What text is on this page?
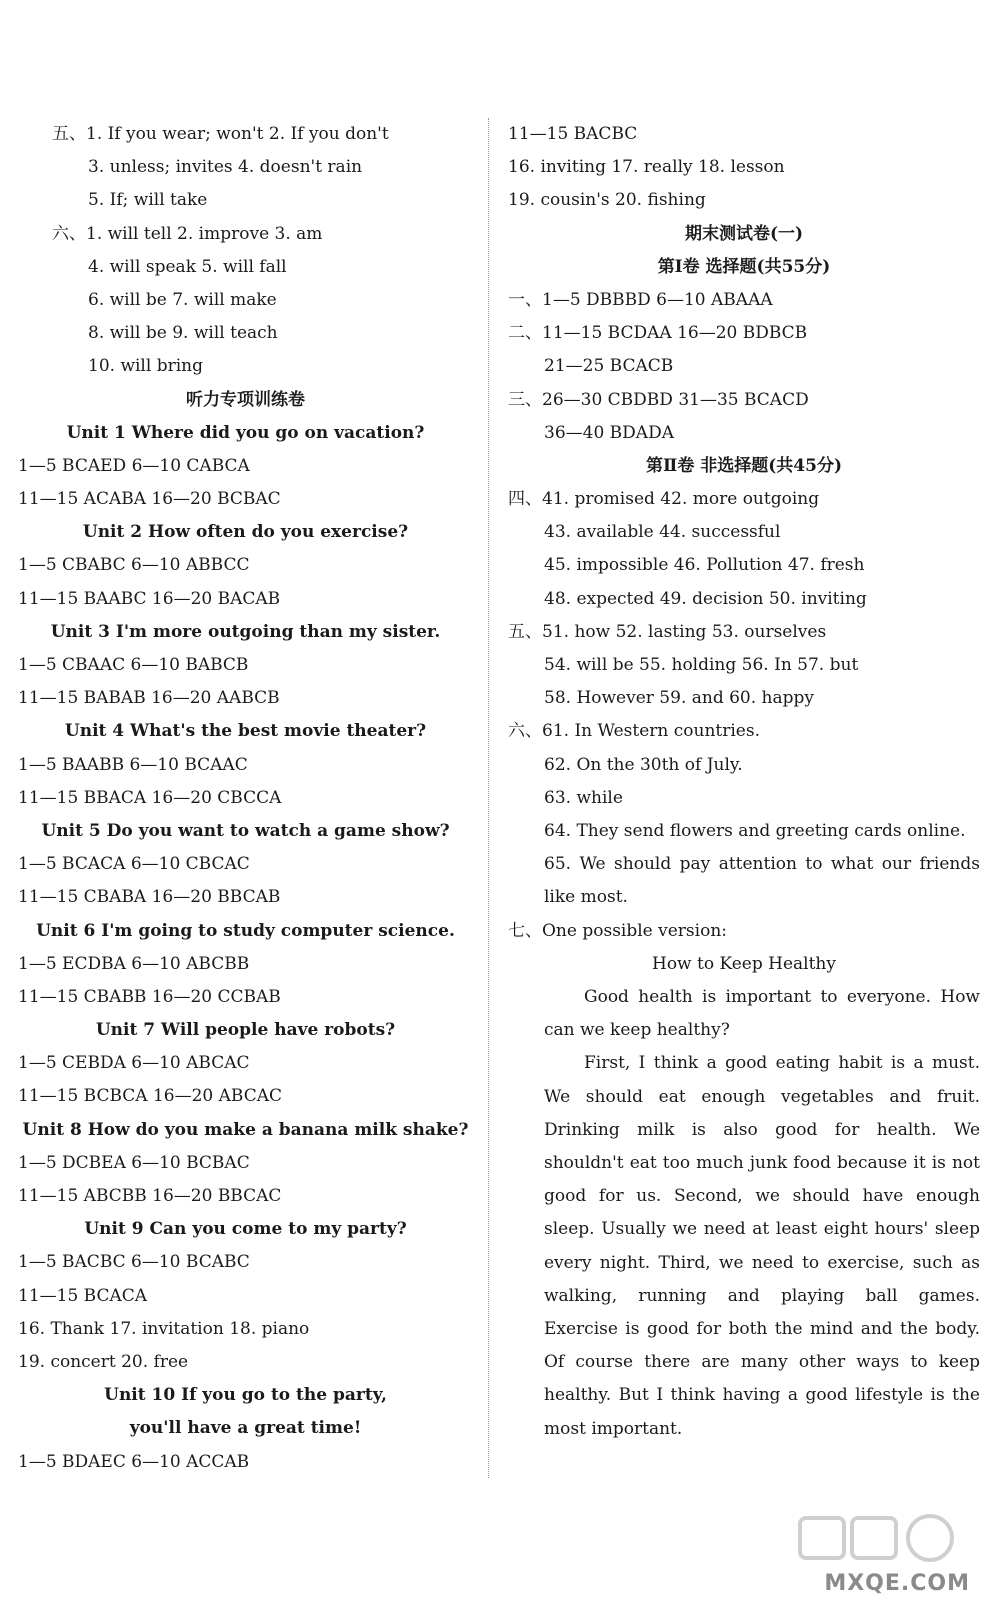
五、1. If you wear; won't 2. If you don't
3. unless; invites 4. doesn't rain
5. If; will take
六、1. will tell 2. improve 3. am
4. will speak 5. will fall
6. will be 7. will make
8. will be 9. will teach
10. will bring
听力专项训练卷
Unit 1 Where did you go on vacation?
1—5 BCAED 6—10 CABCA
11—15 ACABA 16—20 BCBAC
Unit 2 How often do you exercise?
1—5 CBABC 6—10 ABBCC
11—15 BAABC 16—20 BACAB
Unit 3 I'm more outgoing than my sister.
1—5 CBAAC 6—10 BABCB
11—15 BABAB 16—20 AABCB
Unit 4 What's the best movie theater?
1—5 BAABB 6—10 BCAAC
11—15 BBACA 16—20 CBCCA
Unit 5 Do you want to watch a game show?
1—5 BCACA 6—10 CBCAC
11—15 CBABA 16—20 BBCAB
Unit 6 I'm going to study computer science.
1—5 ECDBA 6—10 ABCBB
11—15 CBABB 16—20 CCBAB
Unit 7 Will people have robots?
1—5 CEBDA 6—10 ABCAC
11—15 BCBCA 16—20 ABCAC
Unit 8 How do you make a banana milk shake?
1—5 DCBEA 6—10 BCBAC
11—15 ABCBB 16—20 BBCAC
Unit 9 Can you come to my party?
1—5 BACBC 6—10 BCABC
11—15 BCACA
16. Thank 17. invitation 18. piano
19. concert 20. free
Unit 10 If you go to the party,
you'll have a great time!
1—5 BDAEC 6—10 ACCAB
11—15 BACBC
16. inviting 17. really 18. lesson
19. cousin's 20. fishing
期末测试卷(一)
第Ⅰ卷 选择题(共55分)
一、1—5 DBBBD 6—10 ABAAA
二、11—15 BCDAA 16—20 BDBCB
21—25 BCACB
三、26—30 CBDBD 31—35 BCACD
36—40 BDADA
第Ⅱ卷 非选择题(共45分)
四、41. promised 42. more outgoing
43. available 44. successful
45. impossible 46. Pollution 47. fresh
48. expected 49. decision 50. inviting
五、51. how 52. lasting 53. ourselves
54. will be 55. holding 56. In 57. but
58. However 59. and 60. happy
六、61. In Western countries.
62. On the 30th of July.
63. while
64. They send flowers and greeting cards online.
65. We should pay attention to what our friends like most.
七、One possible version:
How to Keep Healthy
Good health is important to everyone. How can we keep healthy?
First, I think a good eating habit is a must. We should eat enough vegetables and fruit. Drinking milk is also good for health. We shouldn't eat too much junk food because it is not good for us. Second, we should have enough sleep. Usually we need at least eight hours' sleep every night. Third, we need to exercise, such as walking, running and playing ball games. Exercise is good for both the mind and the body. Of course there are many other ways to keep healthy. But I think having a good lifestyle is the most important.
MXQE.COM
